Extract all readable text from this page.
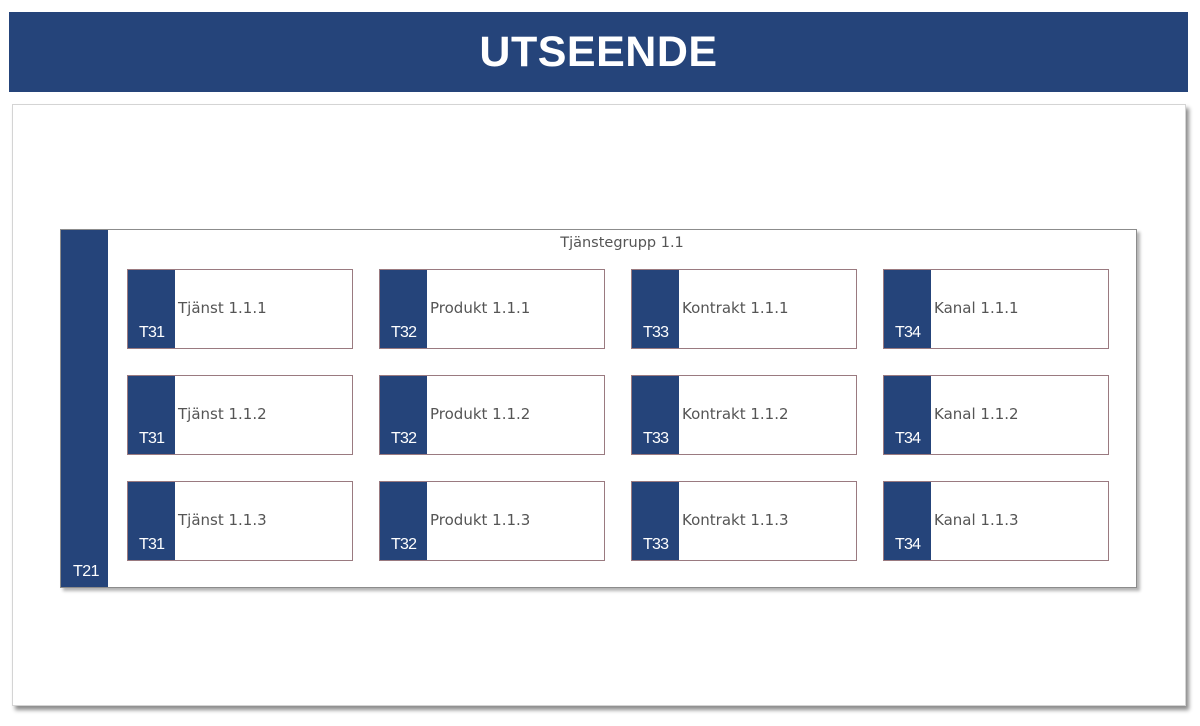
UTSEENDE
T21
Tjänstegrupp 1.1
T31
Tjänst 1.1.1
T32
Produkt 1.1.1
T33
Kontrakt 1.1.1
T34
Kanal 1.1.1
T31
Tjänst 1.1.2
T32
Produkt 1.1.2
T33
Kontrakt 1.1.2
T34
Kanal 1.1.2
T31
Tjänst 1.1.3
T32
Produkt 1.1.3
T33
Kontrakt 1.1.3
T34
Kanal 1.1.3
